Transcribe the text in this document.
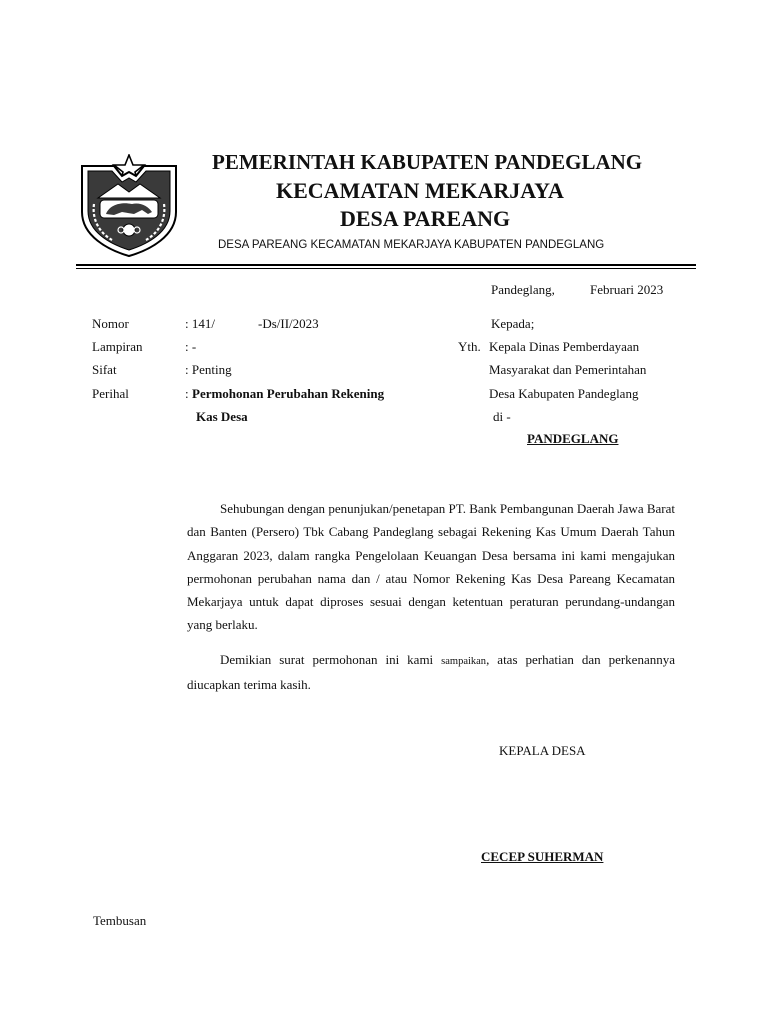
PEMERINTAH KABUPATEN PANDEGLANG
KECAMATAN MEKARJAYA
DESA PAREANG
DESA PAREANG KECAMATAN MEKARJAYA KABUPATEN PANDEGLANG
Pandeglang,	Februari 2023
Nomor	: 141/	-Ds/II/2023
Lampiran	: -
Sifat	: Penting
Perihal	: Permohonan Perubahan Rekening
Kas Desa
Kepada;
Yth. Kepala Dinas Pemberdayaan
Masyarakat dan Pemerintahan
Desa Kabupaten Pandeglang
di -
PANDEGLANG

Sehubungan dengan penunjukan/penetapan PT. Bank Pembangunan Daerah Jawa Barat dan Banten (Persero) Tbk Cabang Pandeglang sebagai Rekening Kas Umum Daerah Tahun Anggaran 2023, dalam rangka Pengelolaan Keuangan Desa bersama ini kami mengajukan permohonan perubahan nama dan / atau Nomor Rekening Kas Desa Pareang Kecamatan Mekarjaya untuk dapat diproses sesuai dengan ketentuan peraturan perundang-undangan yang berlaku.

Demikian surat permohonan ini kami sampaikan, atas perhatian dan perkenannya diucapkan terima kasih.

KEPALA DESA
CECEP SUHERMAN
Tembusan
